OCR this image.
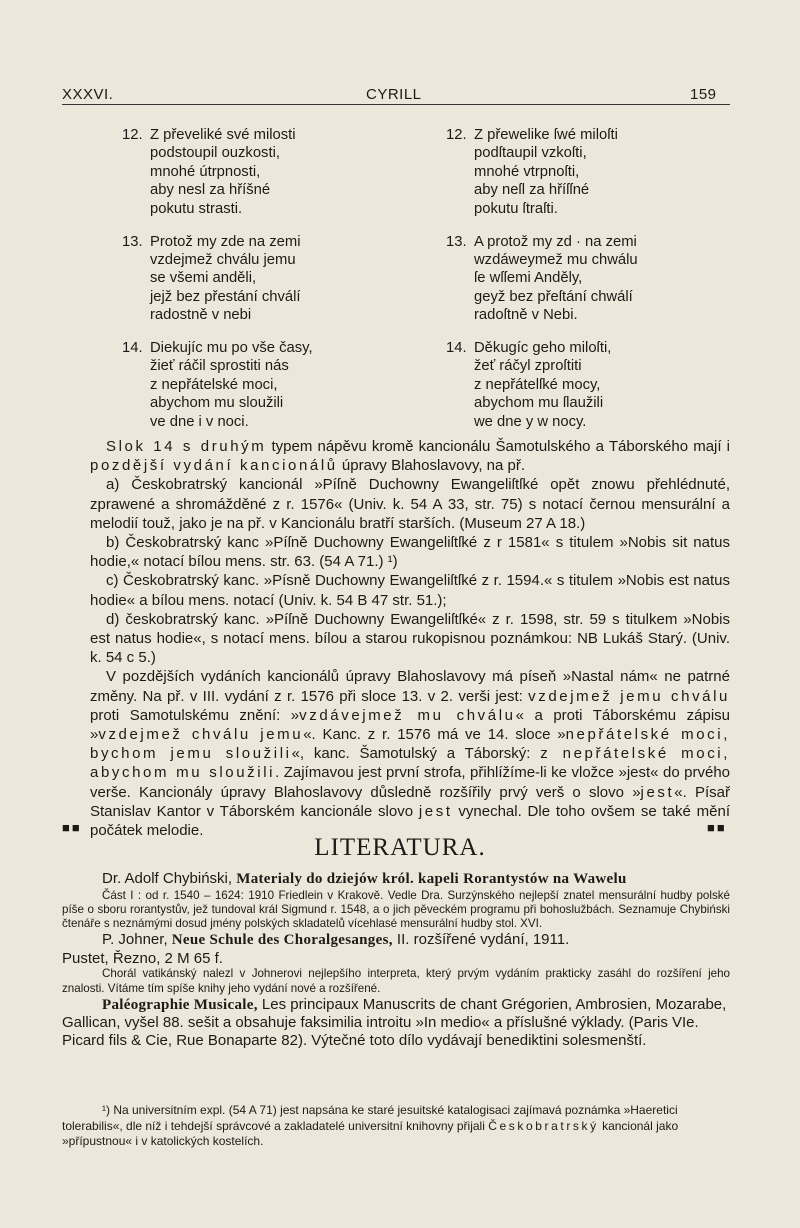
XXXVI.	CYRILL	159
12. Z převeliké své milosti
podstoupil ouzkosti,
mnohé útrpnosti,
aby nesl za hříšné
pokutu strasti.
13. Protož my zde na zemi
vzdejmež chválu jemu
se všemi anděli,
jejž bez přestání chválí
radostně v nebi
14. Diekujíc mu po vše časy,
žieť ráčil sprostiti nás
z nepřátelské moci,
abychom mu sloužili
ve dne i v noci.
12. Z přewelike ſwé miloſti
podſtaupil vzkoſti,
mnohé vtrpnoſti,
aby neſl za hříſſné
pokutu ſtraſti.
13. A protož my zd · na zemi
wzdáweymež mu chwálu
ſe wſſemi Anděly,
geyž bez přeſtání chwálí
radoſtně v Nebi.
14. Děkugíc geho miloſti,
žeť ráčyl zproſtiti
z nepřátelſké mocy,
abychom mu ſlaužili
we dne y w nocy.

Slok 14 s druhým typem nápěvu kromě kancionálu Šamotulského a Táborského mají i pozdější vydání kancionálů úpravy Blahoslavovy, na př.

a) Českobratrský kancionál »Píſně Duchowny Ewangeliſtſké opět znowu přehlédnuté, zprawené a shromážděné z r. 1576« (Univ. k. 54 A 33, str. 75) s notací černou mensurální a melodií touž, jako je na př. v Kancionálu bratří starších. (Museum 27 A 18.)

b) Českobratrský kanc »Píſně Duchowny Ewangeliſtſké z r 1581« s titulem »Nobis sit natus hodie,« notací bílou mens. str. 63. (54 A 71.) ¹)

c) Českobratrský kanc. »Písně Duchowny Ewangeliſtſké z r. 1594.« s titulem »Nobis est natus hodie« a bílou mens. notací (Univ. k. 54 B 47 str. 51.);

d) českobratrský kanc. »Píſně Duchowny Ewangeliſtſké« z r. 1598, str. 59 s titulkem »Nobis est natus hodie«, s notací mens. bílou a starou rukopisnou poznámkou: NB Lukáš Starý. (Univ. k. 54 c 5.)

V pozdějších vydáních kancionálů úpravy Blahoslavovy má píseň »Nastal nám« ne patrné změny. Na př. v III. vydání z r. 1576 při sloce 13. v 2. verši jest: vzdejmež jemu chválu proti Samotulskému znění: »vzdávejmež mu chválu« a proti Táborskému zápisu »vzdejmež chválu jemu«. Kanc. z r. 1576 má ve 14. sloce »nepřátelské moci, bychom jemu sloužili«, kanc. Šamotulský a Táborský: z nepřátelské moci, abychom mu sloužili. Zajímavou jest první strofa, přihlížíme-li ke vložce »jest« do prvého verše. Kancionály úpravy Blahoslavovy důsledně rozšířily prvý verš o slovo »jest«. Písař Stanislav Kantor v Táborském kancionále slovo jest vynechal. Dle toho ovšem se také mění počátek melodie.

■■	■■
LITERATURA.

Dr. Adolf Chybiński, Materialy do dziejów król. kapeli Rorantystów na Wawelu

Část I : od r. 1540 – 1624: 1910 Friedlein v Krakově. Vedle Dra. Surzýnského nejlepší znatel mensurální hudby polské píše o sboru rorantystův, jež tundoval král Sigmund r. 1548, a o jich pěveckém programu při bohoslužbách. Seznamuje Chybiński čtenáře s neznámými dosud jmény polských skladatelů vícehlasé mensurální hudby stol. XVI.

P. Johner, Neue Schule des Choralgesanges, II. rozšířené vydání, 1911.

Pustet, Řezno, 2 M 65 f.

Chorál vatikánský nalezl v Johnerovi nejlepšího interpreta, který prvým vydáním prakticky zasáhl do rozšíření jeho znalosti. Vítáme tím spíše knihy jeho vydání nové a rozšířené.

Paléographie Musicale, Les principaux Manuscrits de chant Grégorien, Ambrosien, Mozarabe, Gallican, vyšel 88. sešit a obsahuje faksimilia introitu »In medio« a příslušné výklady. (Paris VIe. Picard fils & Cie, Rue Bonaparte 82). Výtečné toto dílo vydávají benediktini solesmenští.

¹) Na universitním expl. (54 A 71) jest napsána ke staré jesuitské katalogisaci zajímavá poznámka »Haeretici tolerabilis«, dle níž i tehdejší správcové a zakladatelé universitní knihovny přijali Českobratrský kancionál jako »přípustnou« i v katolických kostelích.
